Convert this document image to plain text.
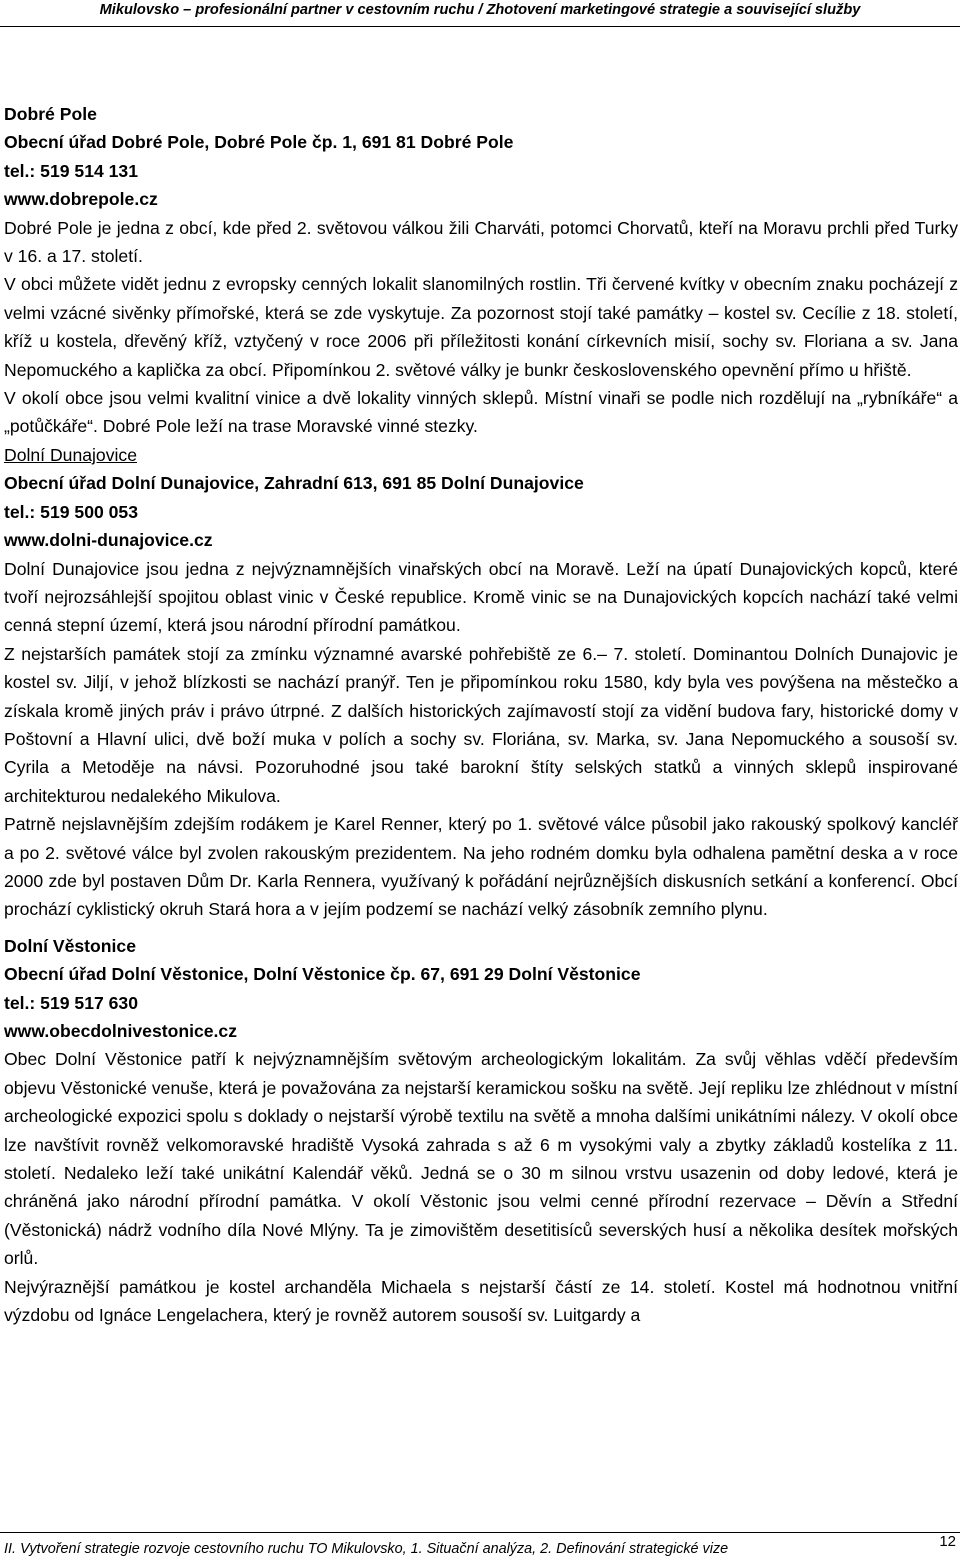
Mikulovsko – profesionální partner v cestovním ruchu / Zhotovení marketingové strategie a související služby

Dobré Pole

Obecní úřad Dobré Pole, Dobré Pole čp. 1, 691 81 Dobré Pole

tel.: 519 514 131

www.dobrepole.cz

Dobré Pole je jedna z obcí, kde před 2. světovou válkou žili Charváti, potomci Chorvatů, kteří na Moravu prchli před Turky v 16. a 17. století.

V obci můžete vidět jednu z evropsky cenných lokalit slanomilných rostlin. Tři červené kvítky v obecním znaku pocházejí z velmi vzácné sivěnky přímořské, která se zde vyskytuje. Za pozornost stojí také památky – kostel sv. Cecílie z 18. století, kříž u kostela, dřevěný kříž, vztyčený v roce 2006 při příležitosti konání církevních misií, sochy sv. Floriana a sv. Jana Nepomuckého a kaplička za obcí. Připomínkou 2. světové války je bunkr československého opevnění přímo u hřiště.

V okolí obce jsou velmi kvalitní vinice a dvě lokality vinných sklepů. Místní vinaři se podle nich rozdělují na „rybníkáře“ a „potůčkáře“. Dobré Pole leží na trase Moravské vinné stezky.

Dolní Dunajovice

Obecní úřad Dolní Dunajovice, Zahradní 613, 691 85 Dolní Dunajovice

tel.: 519 500 053

www.dolni-dunajovice.cz

Dolní Dunajovice jsou jedna z nejvýznamnějších vinařských obcí na Moravě. Leží na úpatí Dunajovických kopců, které tvoří nejrozsáhlejší spojitou oblast vinic v České republice. Kromě vinic se na Dunajovických kopcích nachází také velmi cenná stepní území, která jsou národní přírodní památkou.

Z nejstarších památek stojí za zmínku významné avarské pohřebiště ze 6.– 7. století. Dominantou Dolních Dunajovic je kostel sv. Jiljí, v jehož blízkosti se nachází pranýř. Ten je připomínkou roku 1580, kdy byla ves povýšena na městečko a získala kromě jiných práv i právo útrpné. Z dalších historických zajímavostí stojí za vidění budova fary, historické domy v Poštovní a Hlavní ulici, dvě boží muka v polích a sochy sv. Floriána, sv. Marka, sv. Jana Nepomuckého a sousoší sv. Cyrila a Metoděje na návsi. Pozoruhodné jsou také barokní štíty selských statků a vinných sklepů inspirované architekturou nedalekého Mikulova.

Patrně nejslavnějším zdejším rodákem je Karel Renner, který po 1. světové válce působil jako rakouský spolkový kancléř a po 2. světové válce byl zvolen rakouským prezidentem. Na jeho rodném domku byla odhalena pamětní deska a v roce 2000 zde byl postaven Dům Dr. Karla Rennera, využívaný k pořádání nejrůznějších diskusních setkání a konferencí. Obcí prochází cyklistický okruh Stará hora a v jejím podzemí se nachází velký zásobník zemního plynu.

Dolní Věstonice

Obecní úřad Dolní Věstonice, Dolní Věstonice čp. 67, 691 29 Dolní Věstonice

tel.: 519 517 630

www.obecdolnivestonice.cz

Obec Dolní Věstonice patří k nejvýznamnějším světovým archeologickým lokalitám. Za svůj věhlas vděčí především objevu Věstonické venuše, která je považována za nejstarší keramickou sošku na světě. Její repliku lze zhlédnout v místní archeologické expozici spolu s doklady o nejstarší výrobě textilu na světě a mnoha dalšími unikátními nálezy. V okolí obce lze navštívit rovněž velkomoravské hradiště Vysoká zahrada s až 6 m vysokými valy a zbytky základů kostelíka z 11. století. Nedaleko leží také unikátní Kalendář věků. Jedná se o 30 m silnou vrstvu usazenin od doby ledové, která je chráněná jako národní přírodní památka. V okolí Věstonic jsou velmi cenné přírodní rezervace – Děvín a Střední (Věstonická) nádrž vodního díla Nové Mlýny. Ta je zimovištěm desetitisíců severských husí a několika desítek mořských orlů.

Nejvýraznější památkou je kostel archanděla Michaela s nejstarší částí ze 14. století. Kostel má hodnotnou vnitřní výzdobu od Ignáce Lengelachera, který je rovněž autorem sousoší sv. Luitgardy a

II. Vytvoření strategie rozvoje cestovního ruchu TO Mikulovsko, 1. Situační analýza, 2. Definování strategické vize	12
